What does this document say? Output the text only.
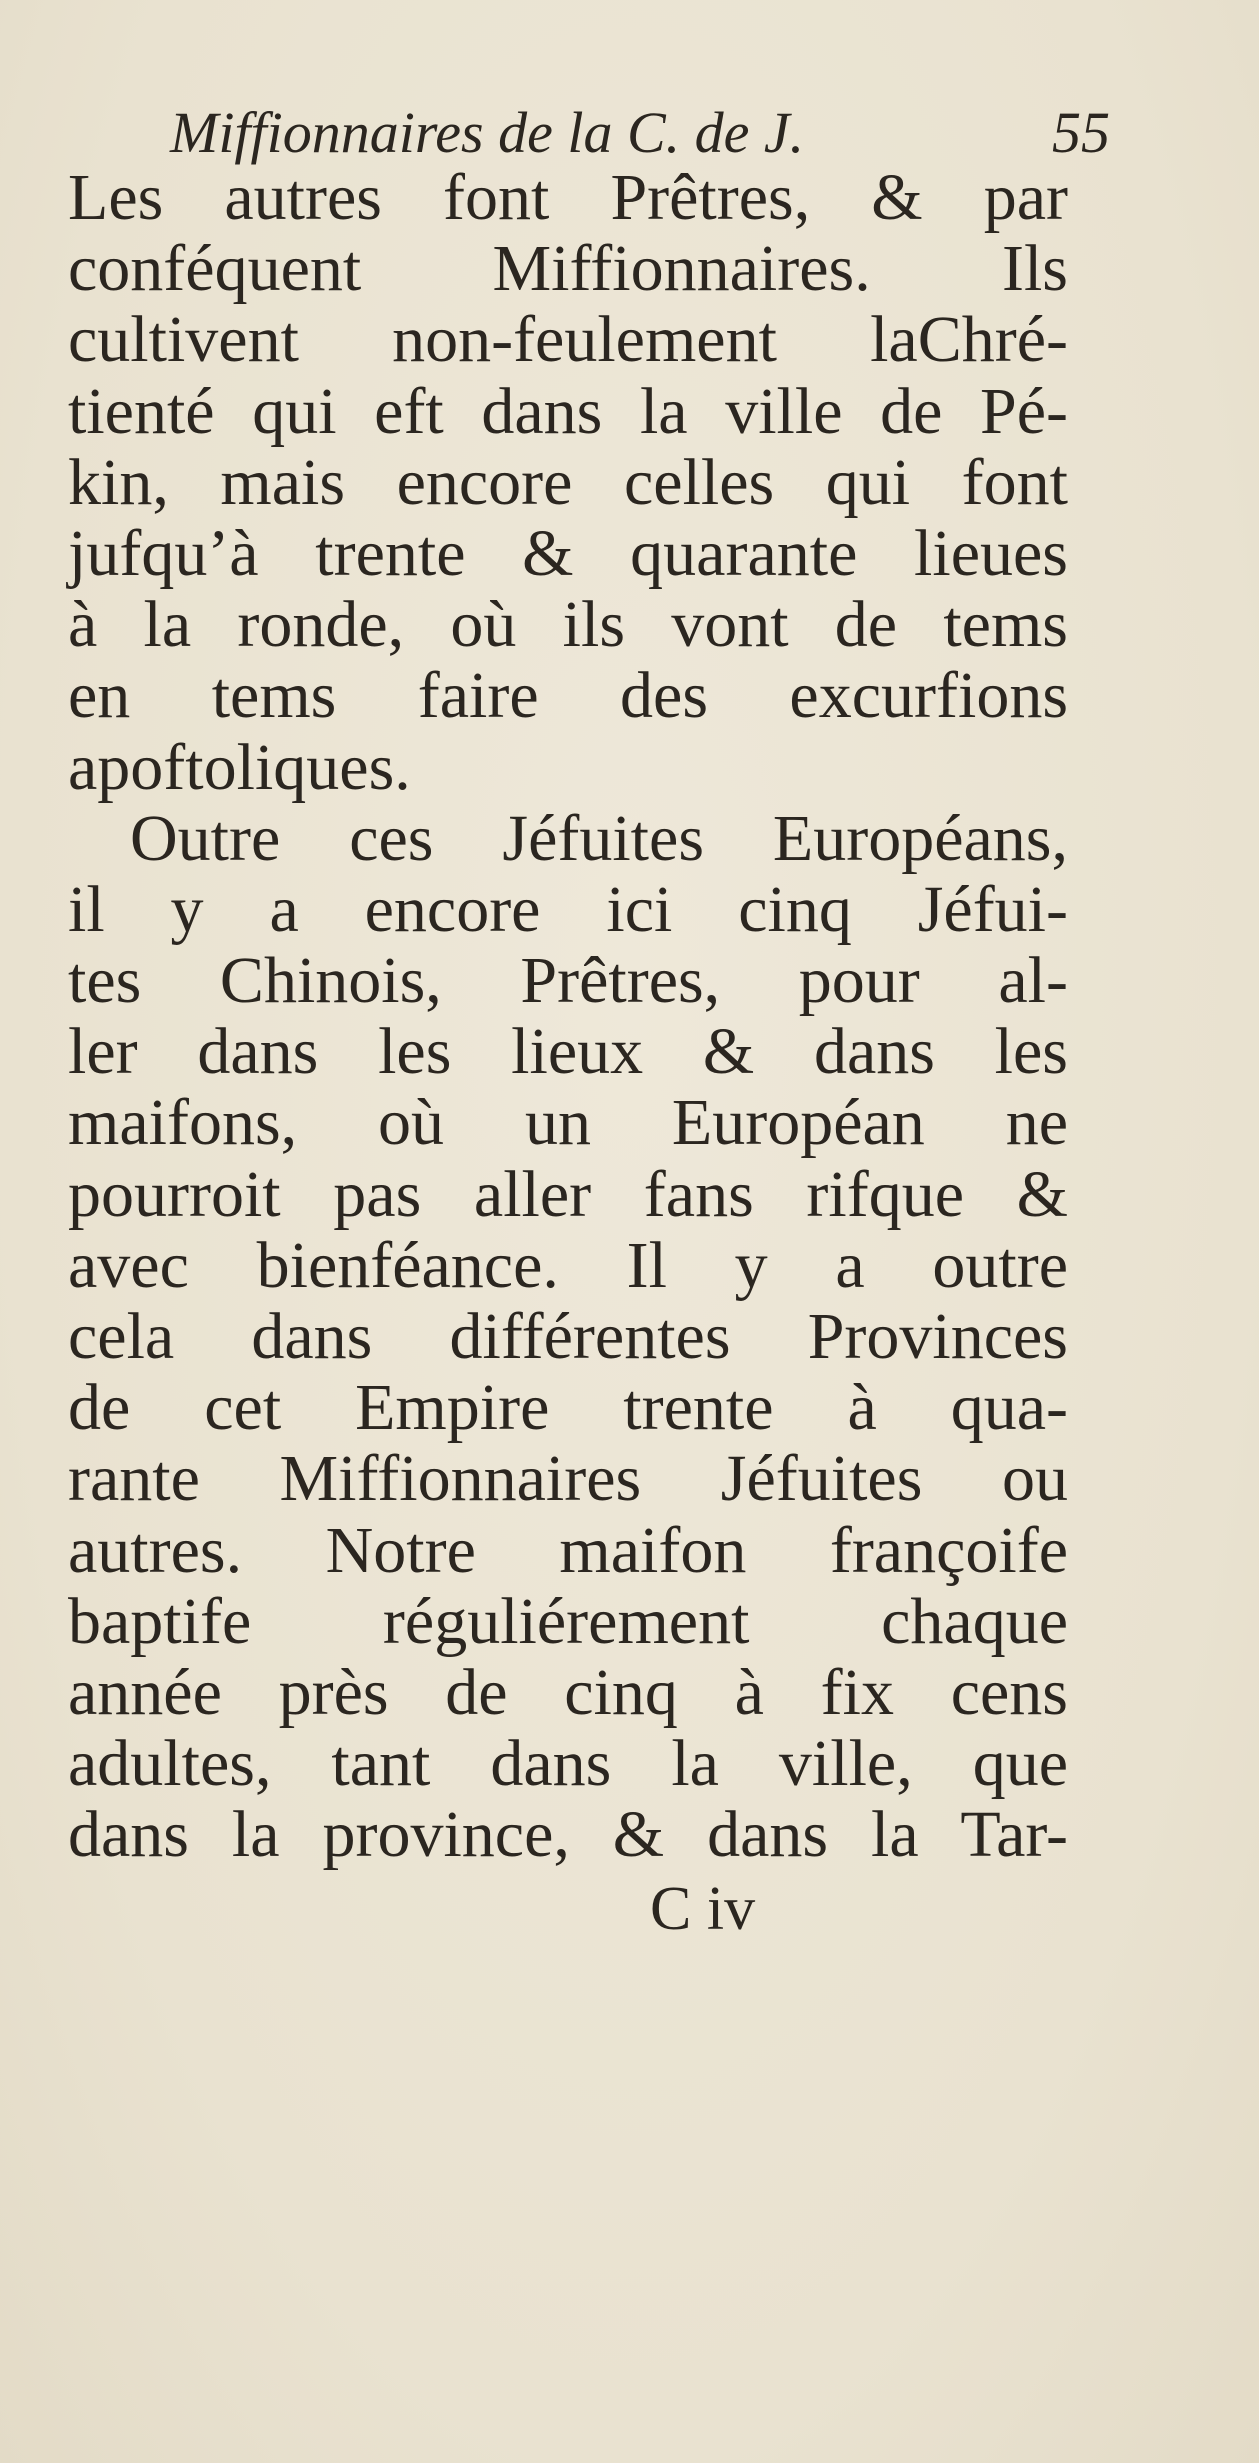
Miffionnaires de la C. de J.	55
Les autres font Prêtres, & par
conféquent Miffionnaires. Ils
cultivent non-feulement laChré-
tienté qui eft dans la ville de Pé-
kin, mais encore celles qui font
jufqu’à trente & quarante lieues
à la ronde, où ils vont de tems
en tems faire des excurfions
apoftoliques.
Outre ces Jéfuites Européans,
il y a encore ici cinq Jéfui-
tes Chinois, Prêtres, pour al-
ler dans les lieux & dans les
maifons, où un Européan ne
pourroit pas aller fans rifque &
avec bienféance. Il y a outre
cela dans différentes Provinces
de cet Empire trente à qua-
rante Miffionnaires Jéfuites ou
autres. Notre maifon françoife
baptife réguliérement chaque
année près de cinq à fix cens
adultes, tant dans la ville, que
dans la province, & dans la Tar-
C iv
